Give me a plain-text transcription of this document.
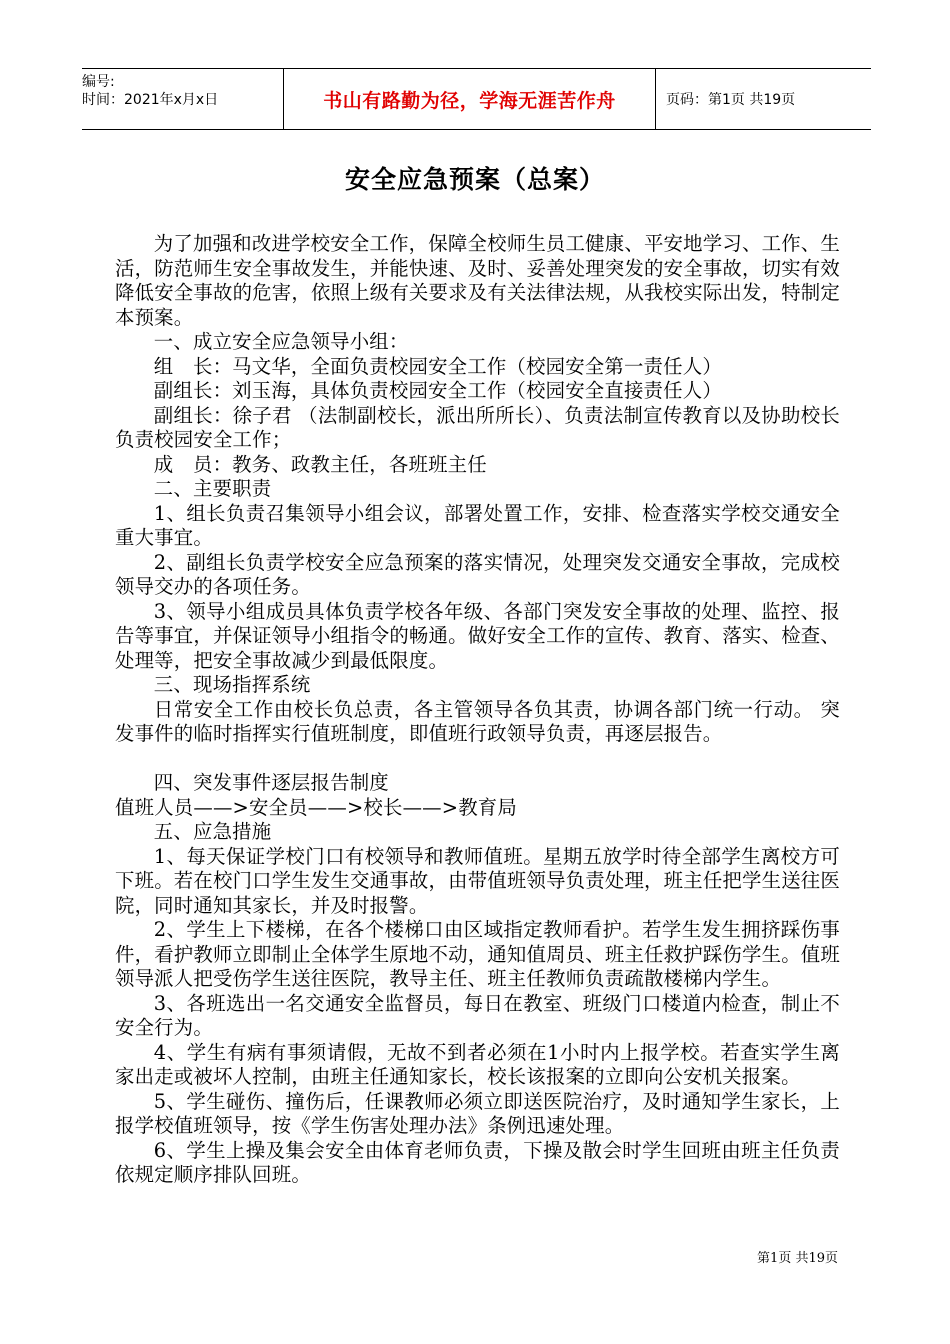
编号:
时间：2021年x月x日	书山有路勤为径，学海无涯苦作舟	页码：第1页 共19页
安全应急预案（总案）

为了加强和改进学校安全工作，保障全校师生员工健康、平安地学习、工作、生活，防范师生安全事故发生，并能快速、及时、妥善处理突发的安全事故，切实有效降低安全事故的危害，依照上级有关要求及有关法律法规，从我校实际出发，特制定本预案。

一、成立安全应急领导小组：

组　长：马文华，全面负责校园安全工作（校园安全第一责任人）

副组长：刘玉海，具体负责校园安全工作（校园安全直接责任人）

副组长：徐子君 （法制副校长，派出所所长）、负责法制宣传教育以及协助校长负责校园安全工作；

成　员：教务、政教主任，各班班主任

二、主要职责

1、组长负责召集领导小组会议，部署处置工作，安排、检查落实学校交通安全重大事宜。

2、副组长负责学校安全应急预案的落实情况，处理突发交通安全事故，完成校领导交办的各项任务。

3、领导小组成员具体负责学校各年级、各部门突发安全事故的处理、监控、报告等事宜，并保证领导小组指令的畅通。做好安全工作的宣传、教育、落实、检查、处理等，把安全事故减少到最低限度。

三、现场指挥系统

日常安全工作由校长负总责，各主管领导各负其责，协调各部门统一行动。 突发事件的临时指挥实行值班制度，即值班行政领导负责，再逐层报告。

四、突发事件逐层报告制度

值班人员——>安全员——>校长——>教育局

五、应急措施

1、每天保证学校门口有校领导和教师值班。星期五放学时待全部学生离校方可下班。若在校门口学生发生交通事故，由带值班领导负责处理，班主任把学生送往医院，同时通知其家长，并及时报警。

2、学生上下楼梯，在各个楼梯口由区域指定教师看护。若学生发生拥挤踩伤事件，看护教师立即制止全体学生原地不动，通知值周员、班主任救护踩伤学生。值班领导派人把受伤学生送往医院，教导主任、班主任教师负责疏散楼梯内学生。

3、各班选出一名交通安全监督员，每日在教室、班级门口楼道内检查，制止不安全行为。

4、学生有病有事须请假，无故不到者必须在1小时内上报学校。若查实学生离家出走或被坏人控制，由班主任通知家长，校长该报案的立即向公安机关报案。

5、学生碰伤、撞伤后，任课教师必须立即送医院治疗，及时通知学生家长，上报学校值班领导，按《学生伤害处理办法》条例迅速处理。

6、学生上操及集会安全由体育老师负责，下操及散会时学生回班由班主任负责依规定顺序排队回班。

第1页 共19页
